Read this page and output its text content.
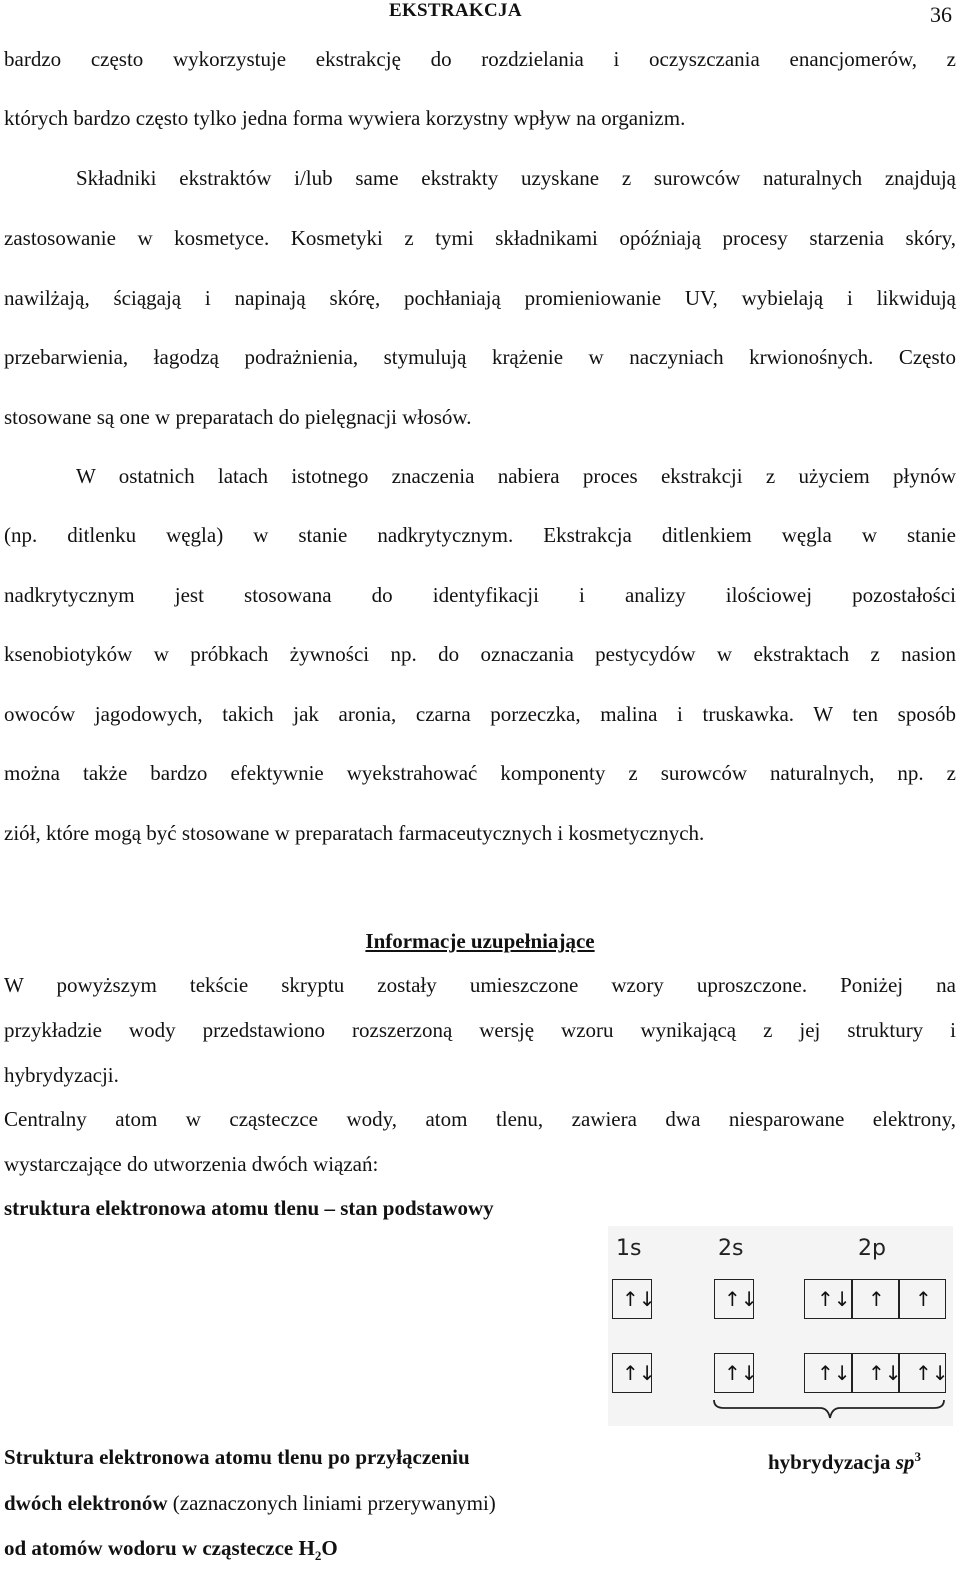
EKSTRAKCJA	36
bardzo często wykorzystuje ekstrakcję do rozdzielania i oczyszczania enancjomerów, z
których bardzo często tylko jedna forma wywiera korzystny wpływ na organizm.
Składniki ekstraktów i/lub same ekstrakty uzyskane z surowców naturalnych znajdują
zastosowanie w kosmetyce. Kosmetyki z tymi składnikami opóźniają procesy starzenia skóry,
nawilżają, ściągają i napinają skórę, pochłaniają promieniowanie UV, wybielają i likwidują
przebarwienia, łagodzą podrażnienia, stymulują krążenie w naczyniach krwionośnych. Często
stosowane są one w preparatach do pielęgnacji włosów.
W ostatnich latach istotnego znaczenia nabiera proces ekstrakcji z użyciem płynów
(np. ditlenku węgla) w stanie nadkrytycznym. Ekstrakcja ditlenkiem węgla w stanie
nadkrytycznym jest stosowana do identyfikacji i analizy ilościowej pozostałości
ksenobiotyków w próbkach żywności np. do oznaczania pestycydów w ekstraktach z nasion
owoców jagodowych, takich jak aronia, czarna porzeczka, malina i truskawka. W ten sposób
można także bardzo efektywnie wyekstrahować komponenty z surowców naturalnych, np. z
ziół, które mogą być stosowane w preparatach farmaceutycznych i kosmetycznych.
Informacje uzupełniające
W powyższym tekście skryptu zostały umieszczone wzory uproszczone. Poniżej na
przykładzie wody przedstawiono rozszerzoną wersję wzoru wynikającą z jej struktury i
hybrydyzacji.
Centralny atom w cząsteczce wody, atom tlenu, zawiera dwa niesparowane elektrony,
wystarczające do utworzenia dwóch wiązań:
struktura elektronowa atomu tlenu – stan podstawowy
1s	2s	2p
↑↓	↑↓	↑↓ ↑ ↑
↑↓	↑↓	↑↓ ↑↓ ↑↓
Struktura elektronowa atomu tlenu po przyłączeniu	hybrydyzacja $sp^3$
dwóch elektronów (zaznaczonych liniami przerywanymi)
od atomów wodoru w cząsteczce $H_2O$
